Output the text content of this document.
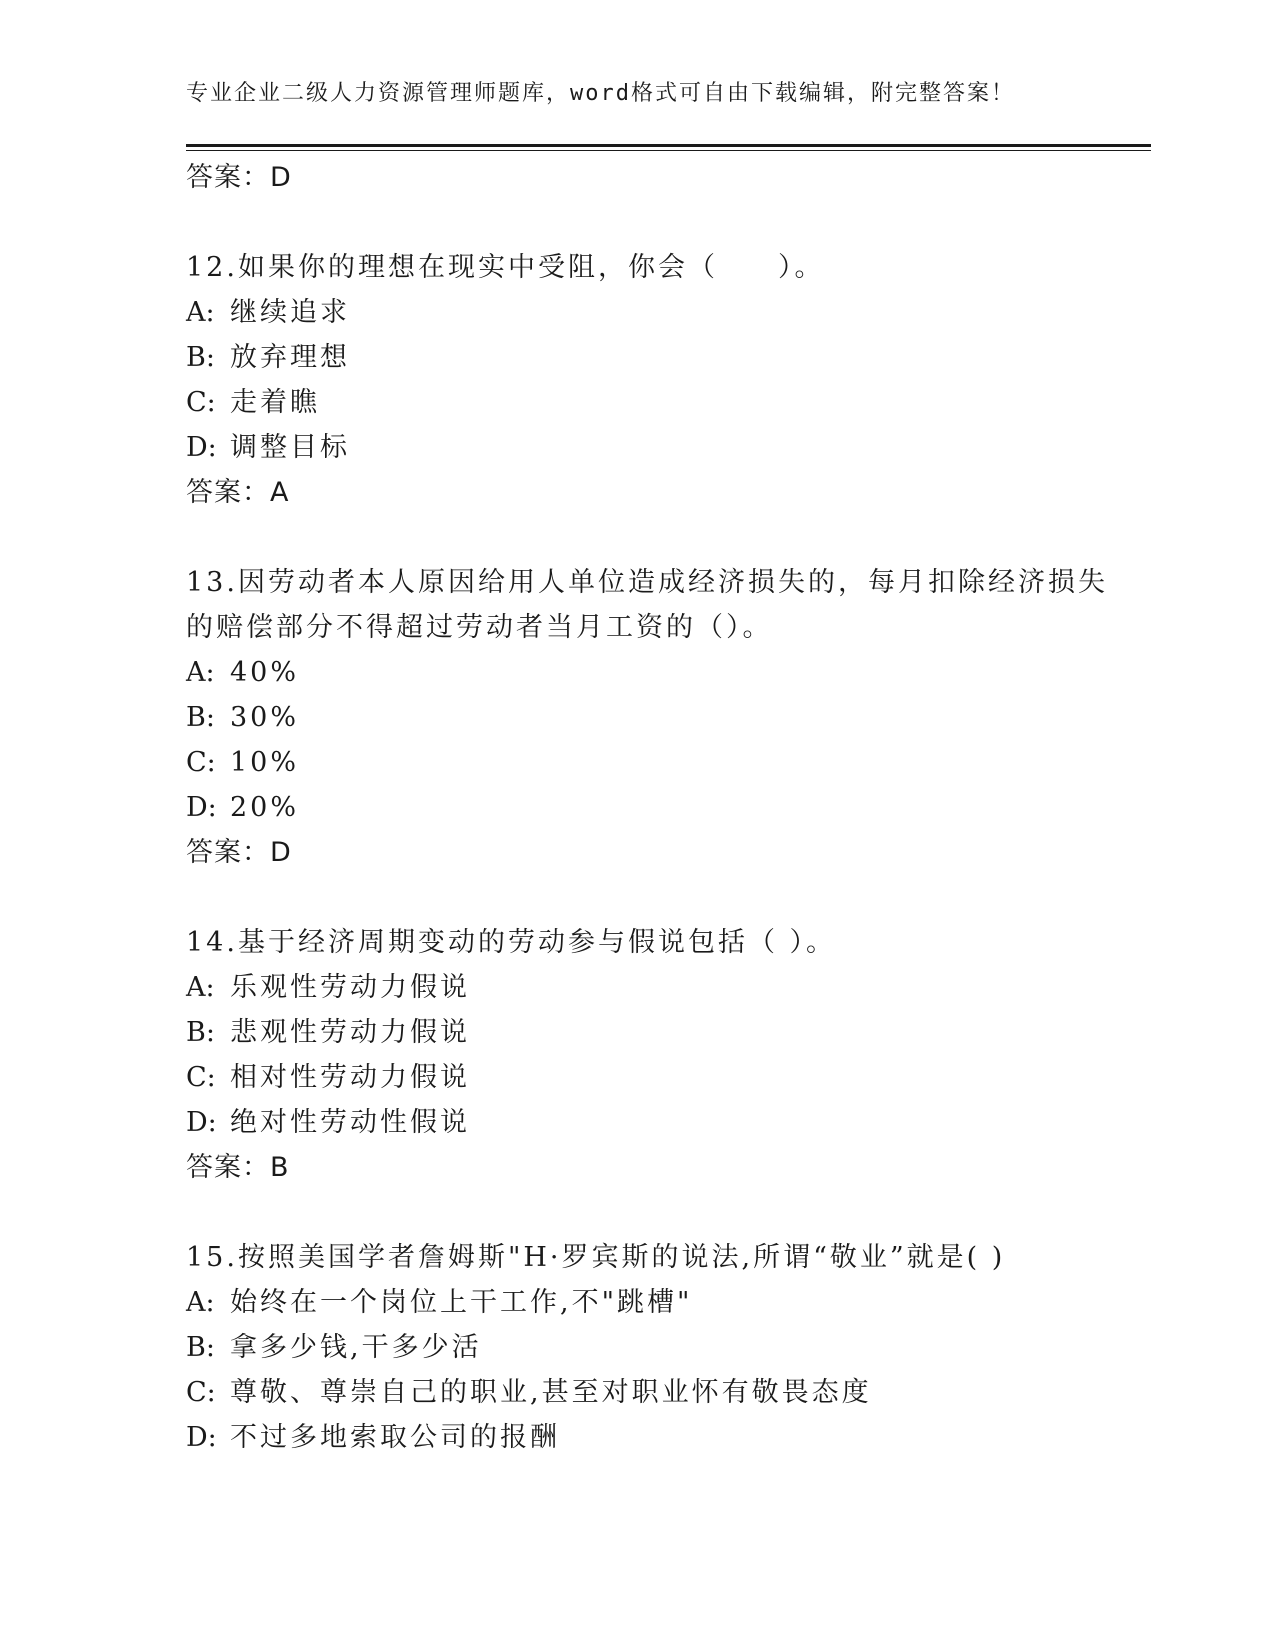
专业企业二级人力资源管理师题库，word格式可自由下载编辑，附完整答案！
答案：D
12.如果你的理想在现实中受阻，你会（　　）。
A: 继续追求
B: 放弃理想
C: 走着瞧
D: 调整目标
答案：A
13.因劳动者本人原因给用人单位造成经济损失的，每月扣除经济损失的赔偿部分不得超过劳动者当月工资的（）。
A: 40%
B: 30%
C: 10%
D: 20%
答案：D
14.基于经济周期变动的劳动参与假说包括（ ）。
A: 乐观性劳动力假说
B: 悲观性劳动力假说
C: 相对性劳动力假说
D: 绝对性劳动性假说
答案：B
15.按照美国学者詹姆斯"H·罗宾斯的说法,所谓“敬业”就是( )
A: 始终在一个岗位上干工作,不"跳槽"
B: 拿多少钱,干多少活
C: 尊敬、尊崇自己的职业,甚至对职业怀有敬畏态度
D: 不过多地索取公司的报酬
